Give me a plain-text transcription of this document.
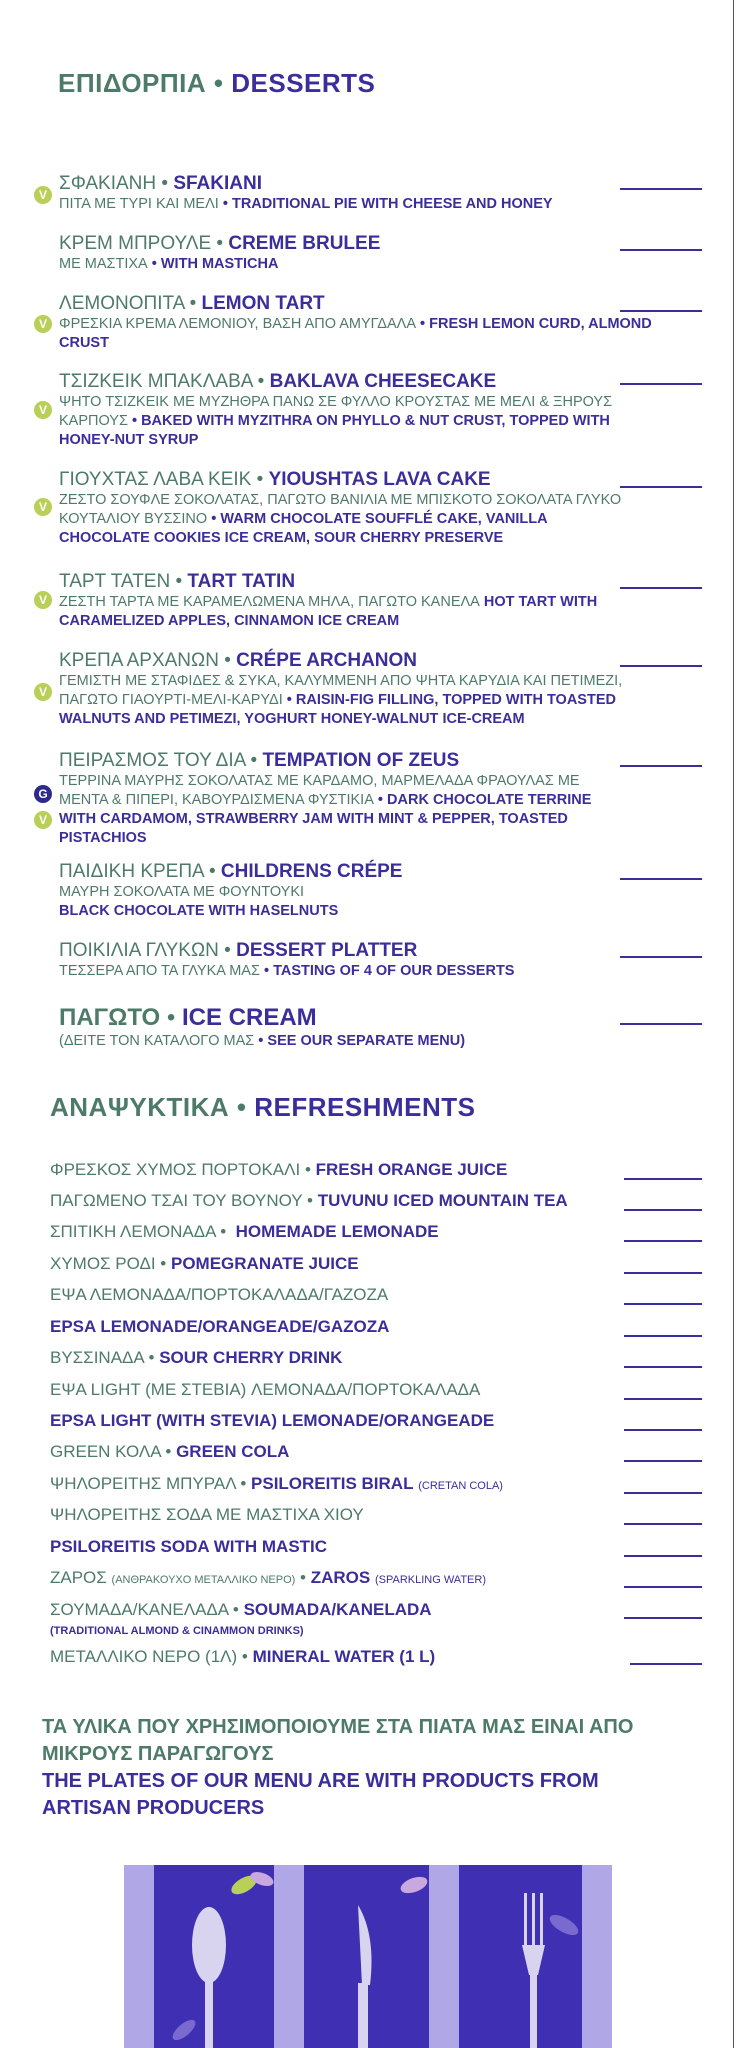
ΕΠΙΔΟΡΠΙΑ • DESSERTS
ΣΦΑΚΙΑΝΗ • SFAKIANI
ΠΙΤΑ ΜΕ ΤΥΡΙ ΚΑΙ ΜΕΛΙ • TRADITIONAL PIE WITH CHEESE AND HONEY
V
ΚΡΕΜ ΜΠΡΟΥΛΕ • CREME BRULEE
ΜΕ ΜΑΣΤΙΧΑ • WITH MASTICHA
ΛΕΜΟΝΟΠΙΤΑ • LEMON TART
ΦΡΕΣΚΙΑ ΚΡΕΜΑ ΛΕΜΟΝΙΟΥ, ΒΑΣΗ ΑΠΟ ΑΜΥΓΔΑΛΑ • FRESH LEMON CURD, ALMOND CRUST
V
ΤΣΙΖΚΕΙΚ ΜΠΑΚΛΑΒΑ • BAKLAVA CHEESECAKE
ΨΗΤΟ ΤΣΙΖΚΕΙΚ ΜΕ ΜΥΖΗΘΡΑ ΠΑΝΩ ΣΕ ΦΥΛΛΟ ΚΡΟΥΣΤΑΣ ΜΕ ΜΕΛΙ & ΞΗΡΟΥΣ ΚΑΡΠΟΥΣ • BAKED WITH MYZITHRA ON PHYLLO & NUT CRUST, TOPPED WITH HONEY-NUT SYRUP
V
ΓΙΟΥΧΤΑΣ ΛΑΒΑ ΚΕΙΚ • YIOUSHTAS LAVA CAKE
ΖΕΣΤΟ ΣΟΥΦΛΕ ΣΟΚΟΛΑΤΑΣ, ΠΑΓΩΤΟ ΒΑΝΙΛΙΑ ΜΕ ΜΠΙΣΚΟΤΟ ΣΟΚΟΛΑΤΑ ΓΛΥΚΟ ΚΟΥΤΑΛΙΟΥ ΒΥΣΣΙΝΟ • WARM CHOCOLATE SOUFFLÉ CAKE, VANILLA CHOCOLATE COOKIES ICE CREAM, SOUR CHERRY PRESERVE
V
ΤΑΡΤ ΤΑΤΕΝ • TART TATIN
ΖΕΣΤΗ ΤΑΡΤΑ ΜΕ ΚΑΡΑΜΕΛΩΜΕΝΑ ΜΗΛΑ, ΠΑΓΩΤΟ ΚΑΝΕΛΑ HOT TART WITH CARAMELIZED APPLES, CINNAMON ICE CREAM
V
ΚΡΕΠΑ ΑΡΧΑΝΩΝ • CRÉPE ARCHANON
ΓΕΜΙΣΤΗ ΜΕ ΣΤΑΦΙΔΕΣ & ΣΥΚΑ, ΚΑΛΥΜΜΕΝΗ ΑΠΟ ΨΗΤΑ ΚΑΡΥΔΙΑ ΚΑΙ ΠΕΤΙΜΕΖΙ, ΠΑΓΩΤΟ ΓΙΑΟΥΡΤΙ-ΜΕΛΙ-ΚΑΡΥΔΙ • RAISIN-FIG FILLING, TOPPED WITH TOASTED WALNUTS AND PETIMEZI, YOGHURT HONEY-WALNUT ICE-CREAM
V
ΠΕΙΡΑΣΜΟΣ ΤΟΥ ΔΙΑ • TEMPATION OF ZEUS
ΤΕΡΡΙΝΑ ΜΑΥΡΗΣ ΣΟΚΟΛΑΤΑΣ ΜΕ ΚΑΡΔΑΜΟ, ΜΑΡΜΕΛΑΔΑ ΦΡΑΟΥΛΑΣ ΜΕ ΜΕΝΤΑ & ΠΙΠΕΡΙ, ΚΑΒΟΥΡΔΙΣΜΕΝΑ ΦΥΣΤΙΚΙΑ • DARK CHOCOLATE TERRINE WITH CARDAMOM, STRAWBERRY JAM WITH MINT & PEPPER, TOASTED PISTACHIOS
G
V
ΠΑΙΔΙΚΗ ΚΡΕΠΑ • CHILDRENS CRÉPE
ΜΑΥΡΗ ΣΟΚΟΛΑΤΑ ΜΕ ΦΟΥΝΤΟΥΚΙ
BLACK CHOCOLATE WITH HASELNUTS
ΠΟΙΚΙΛΙΑ ΓΛΥΚΩΝ • DESSERT PLATTER
ΤΕΣΣΕΡΑ ΑΠΟ ΤΑ ΓΛΥΚΑ ΜΑΣ • TASTING OF 4 OF OUR DESSERTS
ΠΑΓΩΤΟ • ICE CREAM
(ΔΕΙΤΕ ΤΟΝ ΚΑΤΑΛΟΓΟ ΜΑΣ • SEE OUR SEPARATE MENU)
ΑΝΑΨΥΚΤΙΚΑ • REFRESHMENTS
ΦΡΕΣΚΟΣ ΧΥΜΟΣ ΠΟΡΤΟΚΑΛΙ • FRESH ORANGE JUICE
ΠΑΓΩΜΕΝΟ ΤΣΑΙ ΤΟΥ ΒΟΥΝΟΥ • TUVUNU ICED MOUNTAIN TEA
ΣΠΙΤΙΚΗ ΛΕΜΟΝΑΔΑ •  HOMEMADE LEMONADE
ΧΥΜΟΣ ΡΟΔΙ • POMEGRANATE JUICE
ΕΨΑ ΛΕΜΟΝΑΔΑ/ΠΟΡΤΟΚΑΛΑΔΑ/ΓΑΖΟΖΑ
EPSA LEMONADE/ORANGEADE/GAZOZA
ΒΥΣΣΙΝΑΔΑ • SOUR CHERRY DRINK
ΕΨΑ LIGHT (ΜΕ ΣΤΕΒΙΑ) ΛΕΜΟΝΑΔΑ/ΠΟΡΤΟΚΑΛΑΔΑ
EPSA LIGHT (WITH STEVIA) LEMONADE/ORANGEADE
GREEN ΚΟΛΑ • GREEN COLA
ΨΗΛΟΡΕΙΤΗΣ ΜΠΥΡΑΛ • PSILOREITIS BIRAL (CRETAN COLA)
ΨΗΛΟΡΕΙΤΗΣ ΣΟΔΑ ΜΕ ΜΑΣΤΙΧΑ ΧΙΟΥ
PSILOREITIS SODA WITH MASTIC
ΖΑΡΟΣ (ΑΝΘΡΑΚΟΥΧΟ ΜΕΤΑΛΛΙΚΟ ΝΕΡΟ) • ZAROS (SPARKLING WATER)
ΣΟΥΜΑΔΑ/ΚΑΝΕΛΑΔΑ • SOUMADA/KANELADA
(TRADITIONAL ALMOND & CINAMMON DRINKS)
ΜΕΤΑΛΛΙΚΟ ΝΕΡΟ (1Λ) • MINERAL WATER (1 L)
ΤΑ ΥΛΙΚΑ ΠΟΥ ΧΡΗΣΙΜΟΠΟΙΟΥΜΕ ΣΤΑ ΠΙΑΤΑ ΜΑΣ ΕΙΝΑΙ ΑΠΟ ΜΙΚΡΟΥΣ ΠΑΡΑΓΩΓΟΥΣ
THE PLATES OF OUR MENU ARE WITH PRODUCTS FROM ARTISAN PRODUCERS
